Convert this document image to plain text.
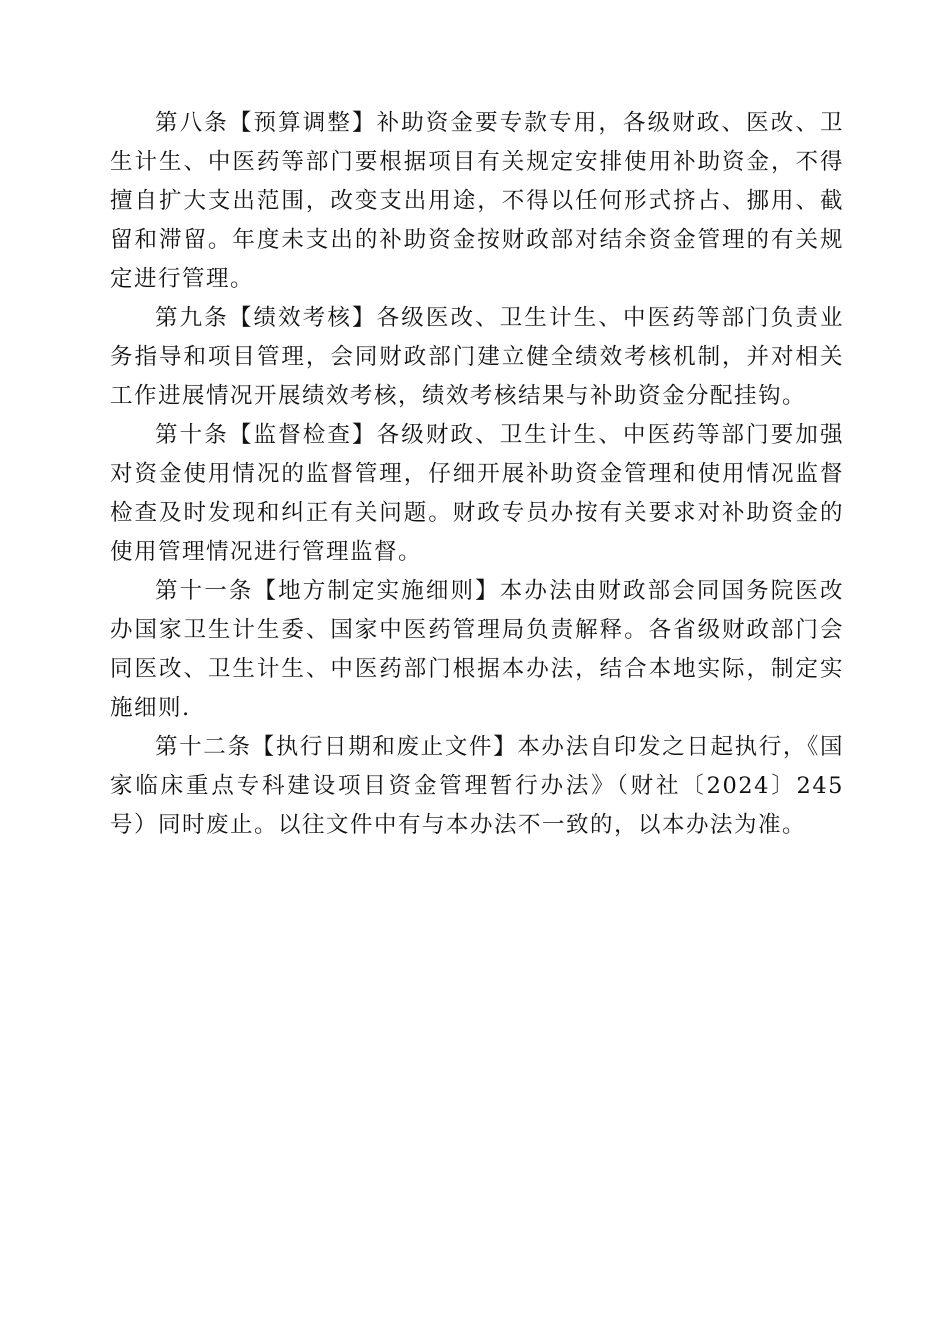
第八条【预算调整】补助资金要专款专用，各级财政、医改、卫生计生、中医药等部门要根据项目有关规定安排使用补助资金，不得擅自扩大支出范围，改变支出用途，不得以任何形式挤占、挪用、截留和滞留。年度未支出的补助资金按财政部对结余资金管理的有关规定进行管理。

第九条【绩效考核】各级医改、卫生计生、中医药等部门负责业务指导和项目管理，会同财政部门建立健全绩效考核机制，并对相关工作进展情况开展绩效考核，绩效考核结果与补助资金分配挂钩。

第十条【监督检查】各级财政、卫生计生、中医药等部门要加强对资金使用情况的监督管理，仔细开展补助资金管理和使用情况监督检查及时发现和纠正有关问题。财政专员办按有关要求对补助资金的使用管理情况进行管理监督。

第十一条【地方制定实施细则】本办法由财政部会同国务院医改办国家卫生计生委、国家中医药管理局负责解释。各省级财政部门会同医改、卫生计生、中医药部门根据本办法，结合本地实际，制定实施细则.

第十二条【执行日期和废止文件】本办法自印发之日起执行，《国家临床重点专科建设项目资金管理暂行办法》（财社〔2024〕245号）同时废止。以往文件中有与本办法不一致的，以本办法为准。
